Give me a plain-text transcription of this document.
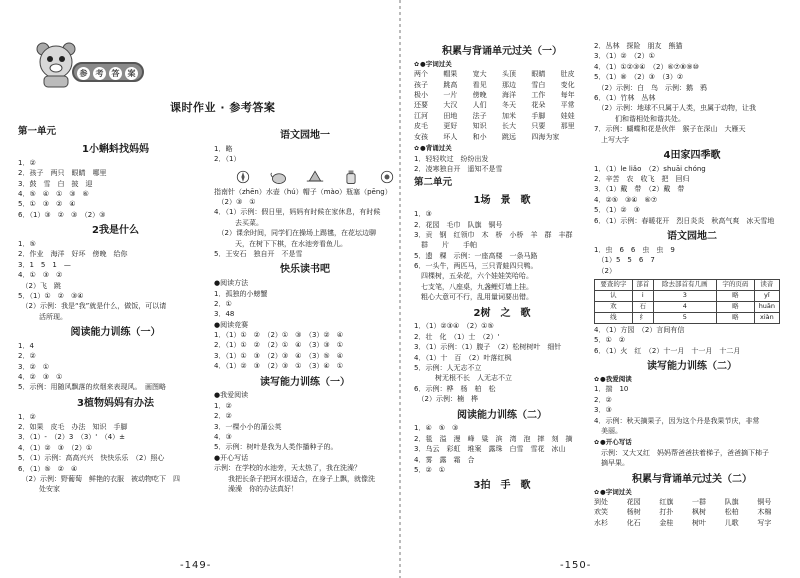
参	考	答	案
课时作业 · 参考答案
第一单元
1小蝌蚪找妈妈
1．②
2．孩子　两只　眼睛　哪里
3．鼓　雪　白　披　迎
4．⑤　④　①　③　⑥
5．①　③　②　④
6．（1）③　②　③　（2）③
2我是什么
1．⑤
2．作业　海洋　好坏　傍晚　给你
3．1　5　1　—
4．①　③　②
　（2）飞　跳
5．（1）①　②　③④
　（2）示例：我是“我”就是什么，做饭，可以请
　　　活所现。
阅读能力训练（一）
1．4
2．②
3．②　①
4．②　③　①
5．示例：用随风飘落的炊烟来表现风。　画图略
3植物妈妈有办法
1．②
2．如果　皮毛　办法　知识　手脚
3．（1）-　（2）3　（3）'　（4）±
4．（1）②　③　（2）①
5．（1）示例：高高兴兴　快快乐乐　（2）照心
6．（1）⑤　②　④
　（2）示例：野葡萄　鲜艳的衣服　被动物吃下　四
　　　处安家
语文园地一
1．略
2．（1）
指南针（zhēn）水壶（hú）帽子（mào）瓶塞（pēng）
　（2）③　①
4．（1）示例：假日里，妈妈有时候在家休息，有时候
　　　去买菜。
　（2）课余时间，同学们在操场上踢毽，在花坛边聊
　　　天，在树下下棋，在水池旁看鱼儿。
5．王安石　独自开　不是雪
快乐读书吧
●阅读方法
1．孤独的小螃蟹
2．①
3．48
●阅读竞赛
1．（1）①　②　（2）①　③　（3）②　④
2．（1）①　②　（2）①　④　（3）③　①
3．（1）①　③　（2）③　④　（3）⑤　④
4．（1）②　③　（2）③　①　（3）④　①
读写能力训练（一）
●我爱阅读
1．②
2．②
3．一棵小小的蒲公英
4．③
5．示例：树叶是我为人类作播种子的。
●开心写话
示例：在学校的水池旁，天太热了，我在洗澡？
　　我把长条子把河水很适合，在身子上飘，就像洗
　　澡澡　你的办法真好！
-149-
积累与背诵单元过关（一）
✿ ●字词过关
两个	帽果	宽大	头顶	眼睛	肚皮
孩子	跳高	看见	那边	雪白	变化
极小	一片	傍晚	海洋	工作	每年
还要	大汉	人们	冬天	花朵	平常
江河	田地	法子	加米	手脚	娃娃
皮毛	更好	知识	长大	只要	那里
女孩	坏人	和小	跳远	四海为家
✿ ●背诵过关
1．轻轻吹过　纷纷出发
2．凌寒独自开　遥知不是雪
第二单元
1场　景　歌
1．③
2．花园　毛巾　队旗　铜号
3．贡　钢　红领巾　木　桥　小桥　羊　群　丰群
　群　　片　　手帕
5．遗　稞　示例：一座高楼　一条马路
6．一头牛，两匹马，三只青蛙四只鸭。
　四棵树，五朵花，六个娃娃笑哈哈。
　七支笔，八座桌，九盏鲤灯墙上挂。
　粗心大意可不行，乱用量词要出错。
2树　之　歌
1．（1）②③④　（2）①⑤
2．壮　化　（1）士　（2）'
3．（1）示例：（1）腹子　（2）松树树叶　细针
4．（1）十　百　（2）叶落红枫
5．示例：人无志不立
　　　树无根不长　人无志不立
6．示例：桦　杨　柏　松
　（2）示例：楠　桦
阅读能力训练（二）
1．④　⑤　③
2．毯　溢　漫　峰　粱　滨　湾　泡　摔　刻　摘
3．乌云　彩虹　堆案　露珠　白雪　雪花　冰山
4．雾　露　霜　合
5．②　①
3拍　手　歌
-150-
2．丛林　探险　朋友　熊猫
3．（1）②　（2）①
4．（1）①②③④　（2）⑥⑦⑧⑨⑩
5．（1）⑧　（2）③　（3）②
　（2）示例：白　鸟　示例：鹅　鸦
6．（1）竹林　丛林
　（2）示例：地球不只属于人类，虫属于动物，让我
　　　们和谐相处和谐共处。
7．示例：蝴蝶和花是伙伴　猴子在深山　大雁天
　上写大字
4田家四季歌
1．（1）le liǎo　（2）shuāi chóng
2．辛苦　农　收飞　把　回归
3．（1）戴　带　（2）戴　带
4．②⑤　③④　⑥⑦
5．（1）②　③
6．（1）示例：春暖花开　烈日炎炎　秋高气爽　冰天雪地
语文园地二
1．虫　6　6　虫　虫　9
　（1）5　5　6　7
　（2）
要查的字	部首	除去部首有几画	字的页码	读音
认	i	3	略	yǐ
欢	石	4	略	huān
线	纟	5	略	xiàn
4．（1）方园　（2）言间有信
5．①　②
6．（1）火　红　（2）十一月　十一月　十二月
读写能力训练（二）
✿ ●我爱阅读
1．揣　10
2．②
3．③
4．示例：秋天摘果子，因为这个丹是我果节庆，非常
　美丽。
✿ ●开心写话
　示例：又大又红　妈妈帮爸爸扶着梯子，爸爸摘下柿子
　摘早果。
积累与背诵单元过关（二）
✿ ●字词过关
到处	花园	红旗	一群	队旗	铜号
欢笑	杨树	打扑	枫树	松柏	木棉
水杉	化石	金桂	树叶	儿歌	写字
